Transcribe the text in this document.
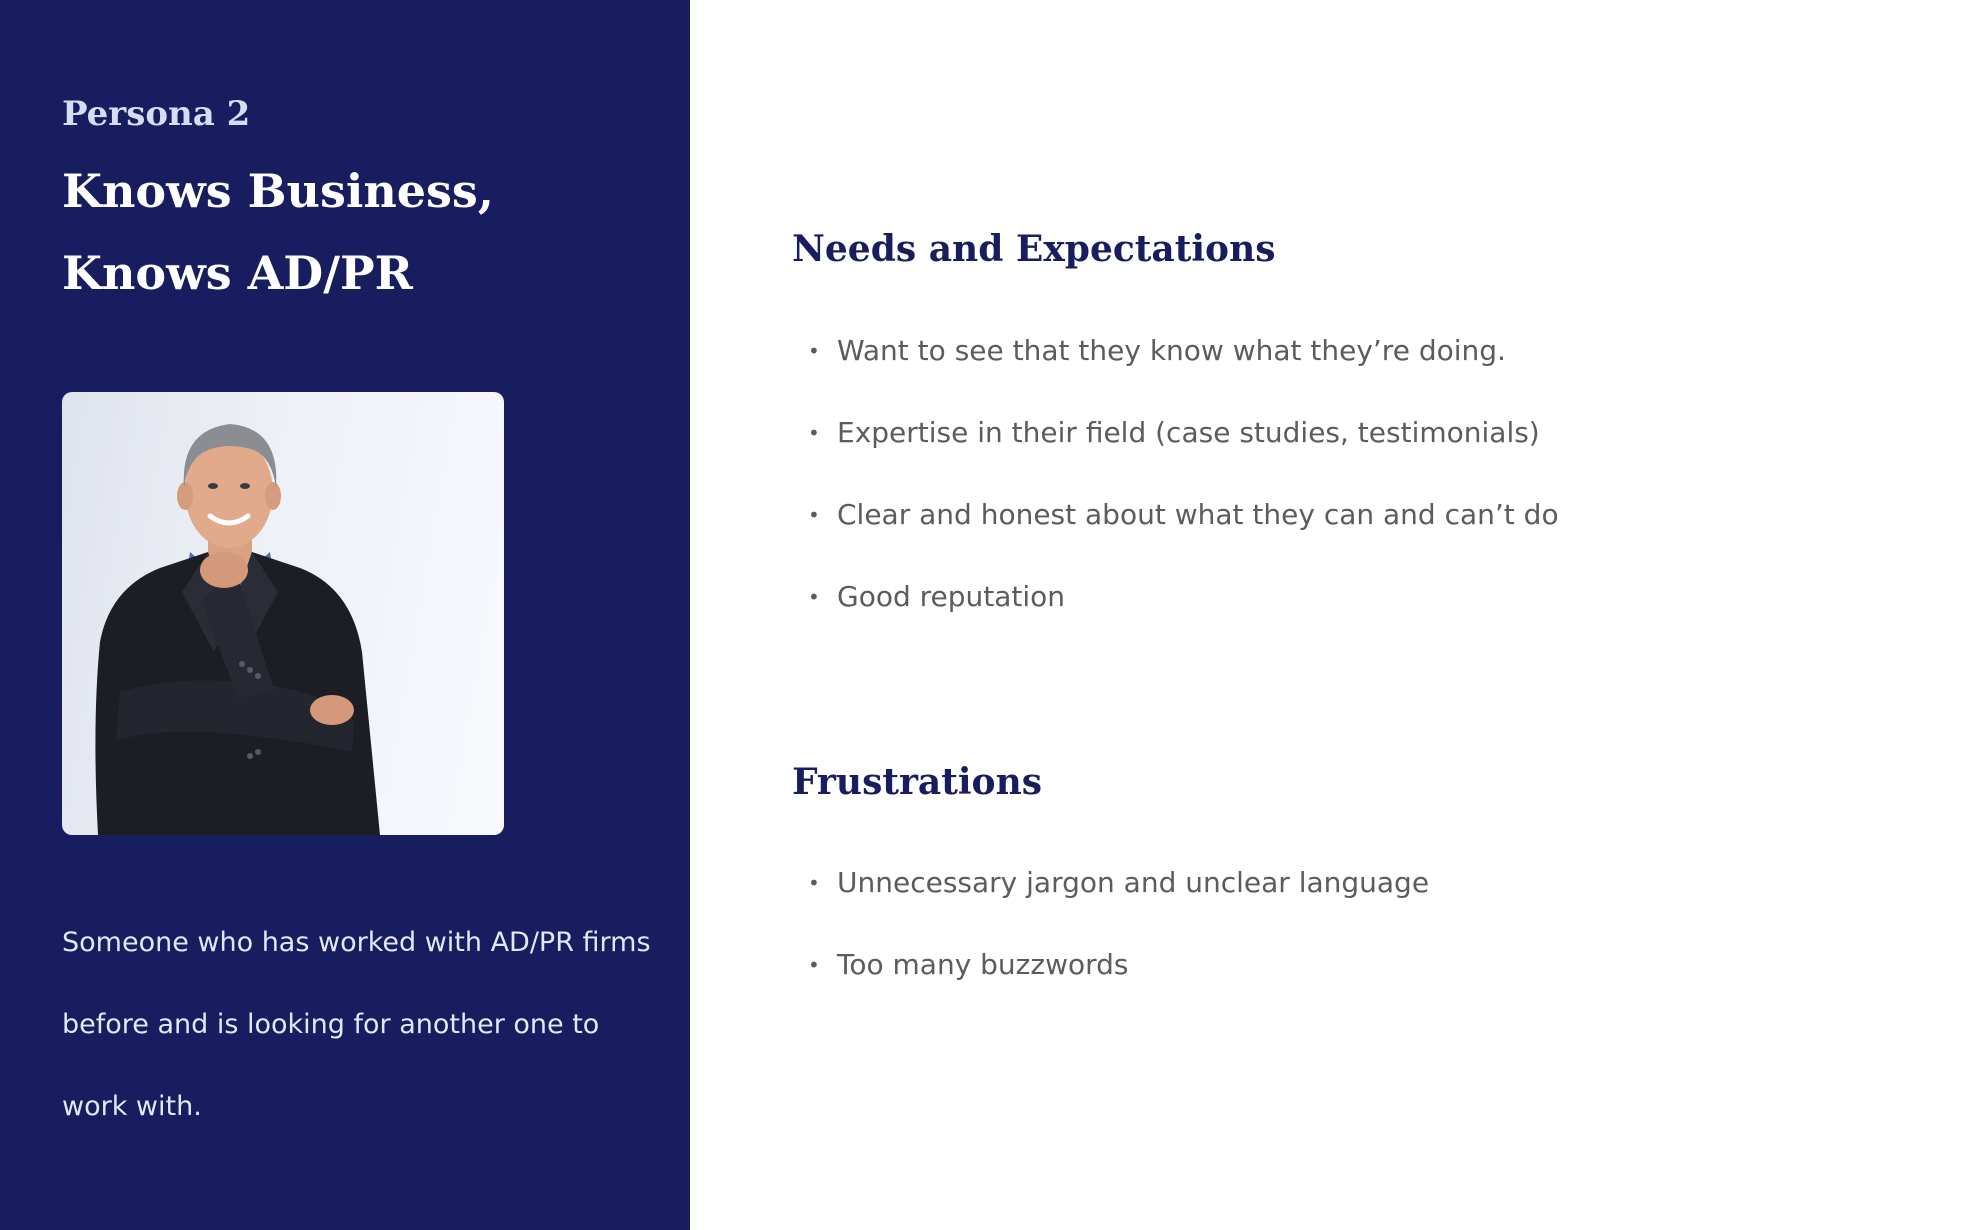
Persona 2

Knows Business,
Knows AD/PR

Someone who has worked with AD/PR firms before and is looking for another one to work with.

Needs and Expectations
• Want to see that they know what they’re doing.
• Expertise in their field (case studies, testimonials)
• Clear and honest about what they can and can’t do
• Good reputation
Frustrations
• Unnecessary jargon and unclear language
• Too many buzzwords
